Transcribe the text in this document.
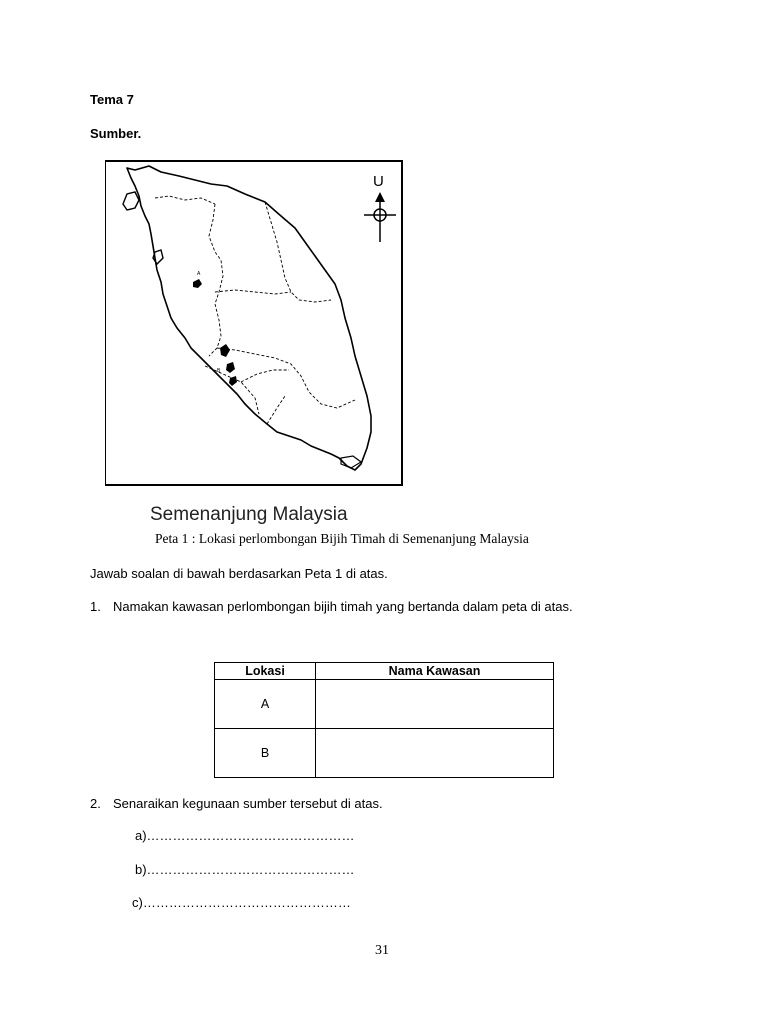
Tema 7
Sumber.
A
B
U
Semenanjung Malaysia
Peta 1 : Lokasi perlombongan Bijih Timah di Semenanjung Malaysia
Jawab soalan di bawah berdasarkan Peta 1 di atas.
1. Namakan kawasan perlombongan bijih timah yang bertanda dalam peta di atas.
Lokasi	Nama Kawasan
A	
B	
2. Senaraikan kegunaan sumber tersebut di atas.
a)…………………………………………
b)…………………………………………
c)…………………………………………
31
